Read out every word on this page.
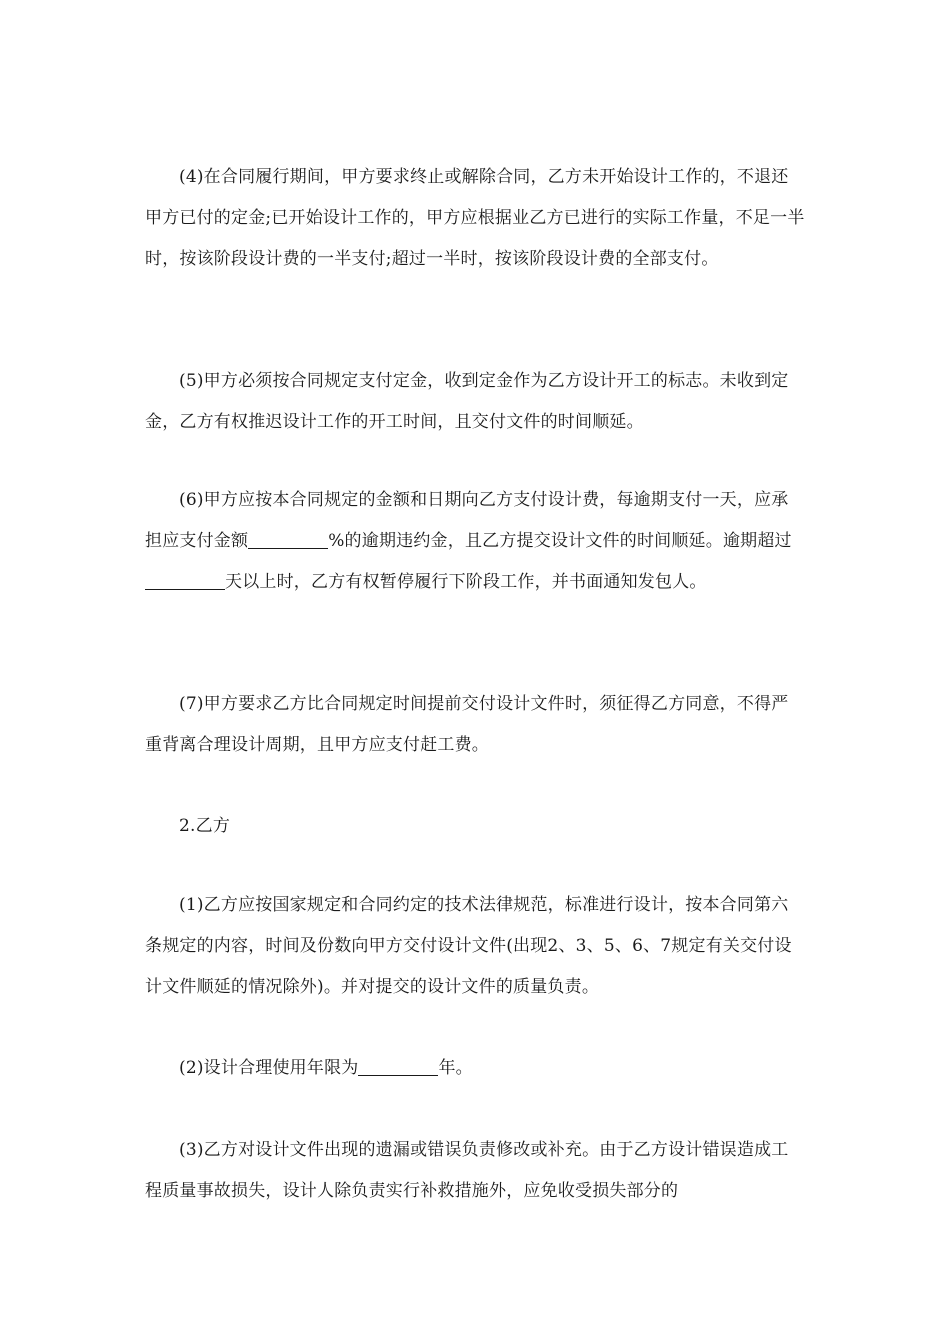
(4)在合同履行期间，甲方要求终止或解除合同，乙方未开始设计工作的，不退还甲方已付的定金;已开始设计工作的，甲方应根据业乙方已进行的实际工作量，不足一半时，按该阶段设计费的一半支付;超过一半时，按该阶段设计费的全部支付。

(5)甲方必须按合同规定支付定金，收到定金作为乙方设计开工的标志。未收到定金，乙方有权推迟设计工作的开工时间，且交付文件的时间顺延。

(6)甲方应按本合同规定的金额和日期向乙方支付设计费，每逾期支付一天，应承担应支付金额	%的逾期违约金，且乙方提交设计文件的时间顺延。逾期超过天以上时，乙方有权暂停履行下阶段工作，并书面通知发包人。

(7)甲方要求乙方比合同规定时间提前交付设计文件时，须征得乙方同意，不得严重背离合理设计周期，且甲方应支付赶工费。

2.乙方

(1)乙方应按国家规定和合同约定的技术法律规范，标准进行设计，按本合同第六条规定的内容，时间及份数向甲方交付设计文件(出现2、3、5、6、7规定有关交付设计文件顺延的情况除外)。并对提交的设计文件的质量负责。

(2)设计合理使用年限为	年。

(3)乙方对设计文件出现的遗漏或错误负责修改或补充。由于乙方设计错误造成工程质量事故损失，设计人除负责实行补救措施外，应免收受损失部分的
